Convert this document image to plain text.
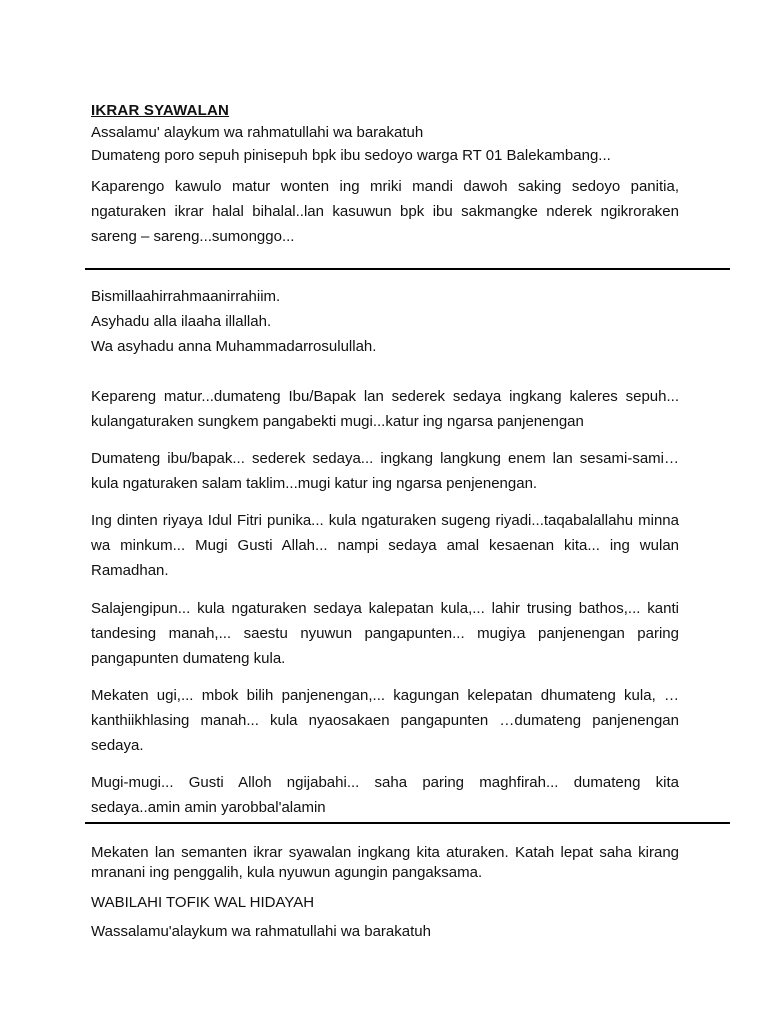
IKRAR SYAWALAN
Assalamu' alaykum wa rahmatullahi wa barakatuh
Dumateng poro sepuh pinisepuh bpk ibu sedoyo warga RT 01 Balekambang...
Kaparengo kawulo matur wonten ing mriki mandi dawoh saking sedoyo panitia, ngaturaken ikrar halal bihalal..lan kasuwun bpk ibu sakmangke nderek ngikroraken sareng – sareng...sumonggo...
Bismillaahirrahmaanirrahiim.
Asyhadu alla ilaaha illallah.
Wa asyhadu anna Muhammadarrosulullah.
Kepareng matur...dumateng Ibu/Bapak lan sederek sedaya ingkang kaleres sepuh... kulangaturaken sungkem pangabekti mugi...katur ing ngarsa panjenengan
Dumateng ibu/bapak... sederek sedaya... ingkang langkung enem lan sesami-sami…kula ngaturaken salam taklim...mugi katur ing ngarsa penjenengan.
Ing dinten riyaya Idul Fitri punika... kula ngaturaken sugeng riyadi...taqabalallahu minna wa minkum... Mugi Gusti Allah... nampi sedaya amal kesaenan kita... ing wulan Ramadhan.
Salajengipun... kula ngaturaken sedaya kalepatan kula,... lahir trusing bathos,... kanti tandesing manah,... saestu nyuwun pangapunten... mugiya panjenengan paring pangapunten dumateng kula.
Mekaten ugi,... mbok bilih panjenengan,... kagungan kelepatan dhumateng kula, …kanthiikhlasing manah... kula nyaosakaen pangapunten …dumateng panjenengan sedaya.
Mugi-mugi... Gusti Alloh ngijabahi... saha paring maghfirah... dumateng kita sedaya..amin amin yarobbal'alamin
Mekaten lan semanten ikrar syawalan ingkang kita aturaken. Katah lepat saha kirang mranani ing penggalih, kula nyuwun agungin pangaksama.
WABILAHI TOFIK WAL HIDAYAH
Wassalamu'alaykum wa rahmatullahi wa barakatuh
